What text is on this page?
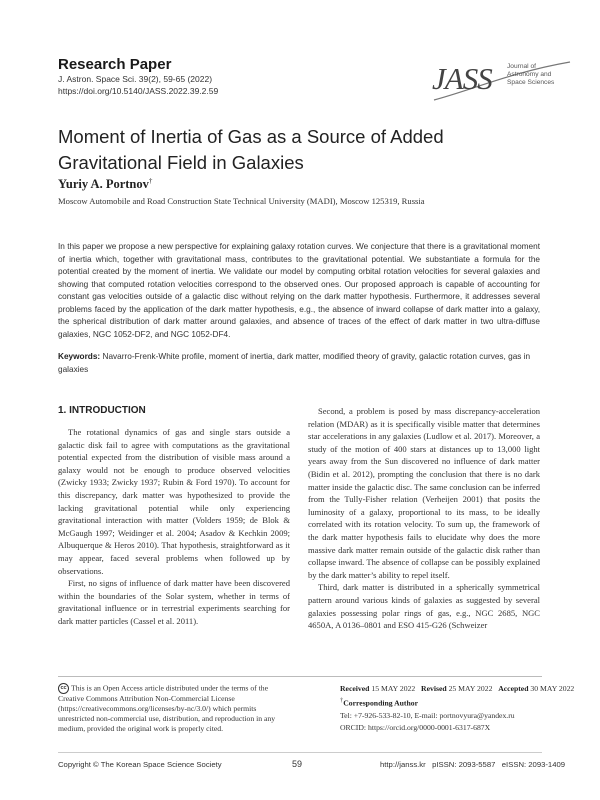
Research Paper
J. Astron. Space Sci. 39(2), 59-65 (2022)
https://doi.org/10.5140/JASS.2022.39.2.59	JASS Journal of
Astronomy and
Space Sciences
Moment of Inertia of Gas as a Source of Added Gravitational Field in Galaxies
Yuriy A. Portnov†
Moscow Automobile and Road Construction State Technical University (MADI), Moscow 125319, Russia

In this paper we propose a new perspective for explaining galaxy rotation curves. We conjecture that there is a gravitational moment of inertia which, together with gravitational mass, contributes to the gravitational potential. We substantiate a formula for the potential created by the moment of inertia. We validate our model by computing orbital rotation velocities for several galaxies and showing that computed rotation velocities correspond to the observed ones. Our proposed approach is capable of accounting for constant gas velocities outside of a galactic disc without relying on the dark matter hypothesis. Furthermore, it addresses several problems faced by the application of the dark matter hypothesis, e.g., the absence of inward collapse of dark matter into a galaxy, the spherical distribution of dark matter around galaxies, and absence of traces of the effect of dark matter in two ultra-diffuse galaxies, NGC 1052-DF2, and NGC 1052-DF4.

Keywords: Navarro-Frenk-White profile, moment of inertia, dark matter, modified theory of gravity, galactic rotation curves, gas in galaxies
1. INTRODUCTION

The rotational dynamics of gas and single stars outside a galactic disk fail to agree with computations as the gravitational potential expected from the distribution of visible mass around a galaxy would not be enough to produce observed velocities (Zwicky 1933; Zwicky 1937; Rubin & Ford 1970). To account for this discrepancy, dark matter was hypothesized to provide the lacking gravitational potential while only experiencing gravitational interaction with matter (Volders 1959; de Blok & McGaugh 1997; Weidinger et al. 2004; Asadov & Kechkin 2009; Albuquerque & Heros 2010). That hypothesis, straightforward as it may appear, faced several problems when followed up by observations.

First, no signs of influence of dark matter have been discovered within the boundaries of the Solar system, whether in terms of gravitational influence or in terrestrial experiments searching for dark matter particles (Cassel et al. 2011).

Second, a problem is posed by mass discrepancy-acceleration relation (MDAR) as it is specifically visible matter that determines star accelerations in any galaxies (Ludlow et al. 2017). Moreover, a study of the motion of 400 stars at distances up to 13,000 light years away from the Sun discovered no influence of dark matter (Bidin et al. 2012), prompting the conclusion that there is no dark matter inside the galactic disc. The same conclusion can be inferred from the Tully-Fisher relation (Verheijen 2001) that posits the luminosity of a galaxy, proportional to its mass, to be ideally correlated with its rotation velocity. To sum up, the framework of the dark matter hypothesis fails to elucidate why does the more massive dark matter remain outside of the galactic disk rather than collapse inward. The absence of collapse can be possibly explained by the dark matter’s ability to repel itself.

Third, dark matter is distributed in a spherically symmetrical pattern around various kinds of galaxies as suggested by several galaxies possessing polar rings of gas, e.g., NGC 2685, NGC 4650A, A 0136–0801 and ESO 415-G26 (Schweizer

cc This is an Open Access article distributed under the terms of the Creative Commons Attribution Non-Commercial License (https://creativecommons.org/licenses/by-nc/3.0/) which permits unrestricted non-commercial use, distribution, and reproduction in any medium, provided the original work is properly cited.
Received 15 MAY 2022 Revised 25 MAY 2022 Accepted 30 MAY 2022
†Corresponding Author
Tel: +7-926-533-82-10, E-mail: portnovyura@yandex.ru
ORCID: https://orcid.org/0000-0001-6317-687X
Copyright © The Korean Space Science Society	59	http://janss.kr   pISSN: 2093-5587   eISSN: 2093-1409
